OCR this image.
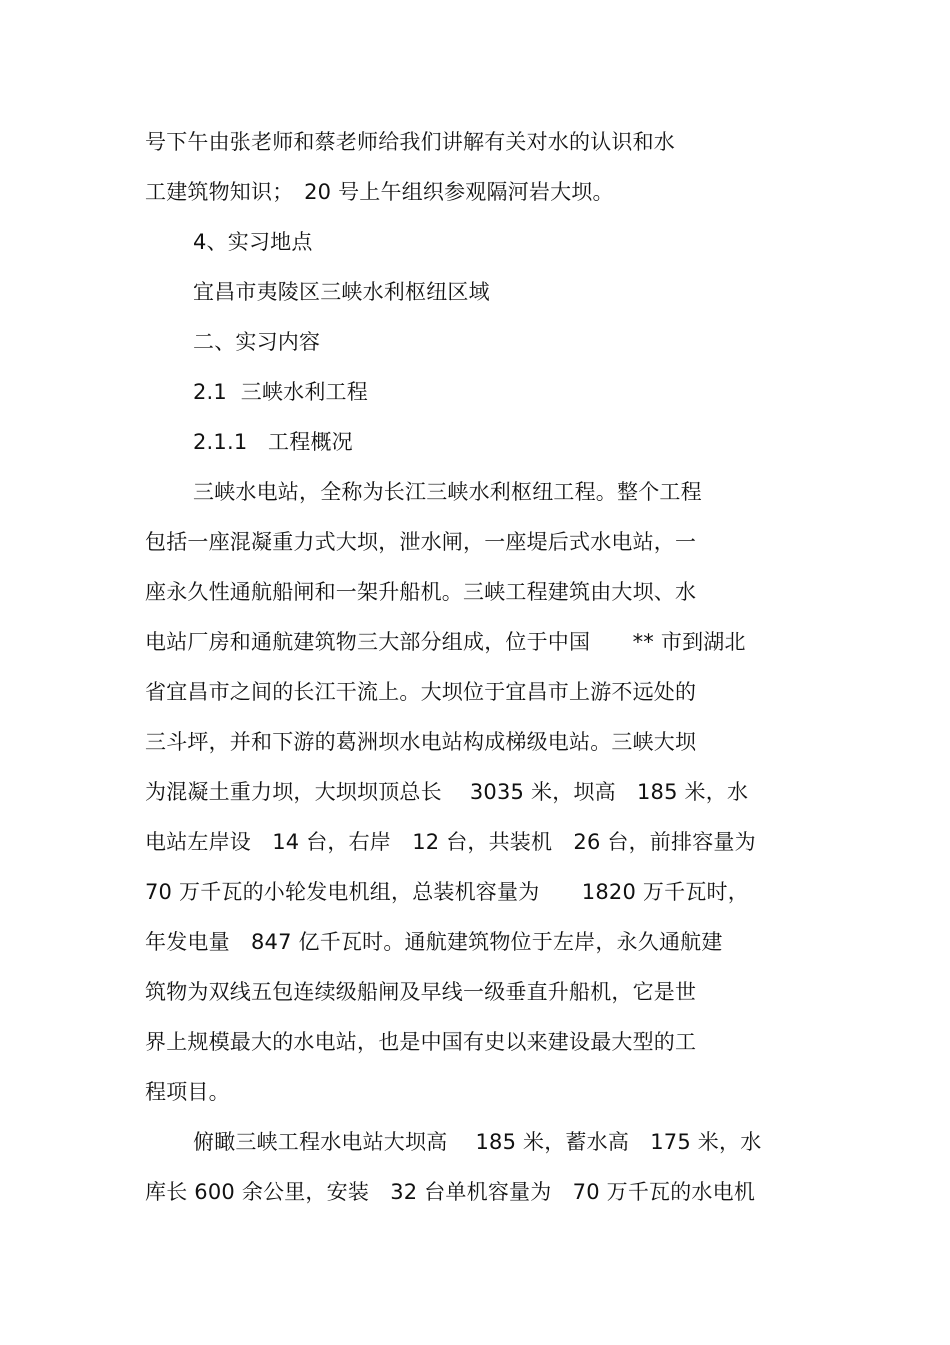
号下午由张老师和蔡老师给我们讲解有关对水的认识和水
工建筑物知识；　20 号上午组织参观隔河岩大坝。
4、实习地点
宜昌市夷陵区三峡水利枢纽区域
二、实习内容
2.1  三峡水利工程
2.1.1   工程概况
三峡水电站，全称为长江三峡水利枢纽工程。整个工程
包括一座混凝重力式大坝，泄水闸，一座堤后式水电站，一
座永久性通航船闸和一架升船机。三峡工程建筑由大坝、水
电站厂房和通航建筑物三大部分组成，位于中国　　** 市到湖北
省宜昌市之间的长江干流上。大坝位于宜昌市上游不远处的
三斗坪，并和下游的葛洲坝水电站构成梯级电站。三峡大坝
为混凝土重力坝，大坝坝顶总长　 3035 米，坝高　185 米，水
电站左岸设　14 台，右岸　12 台，共装机　26 台，前排容量为
70 万千瓦的小轮发电机组，总装机容量为　　1820 万千瓦时，
年发电量　847 亿千瓦时。通航建筑物位于左岸，永久通航建
筑物为双线五包连续级船闸及早线一级垂直升船机，它是世
界上规模最大的水电站，也是中国有史以来建设最大型的工
程项目。
俯瞰三峡工程水电站大坝高　 185 米，蓄水高　175 米，水
库长 600 余公里，安装　32 台单机容量为　70 万千瓦的水电机
